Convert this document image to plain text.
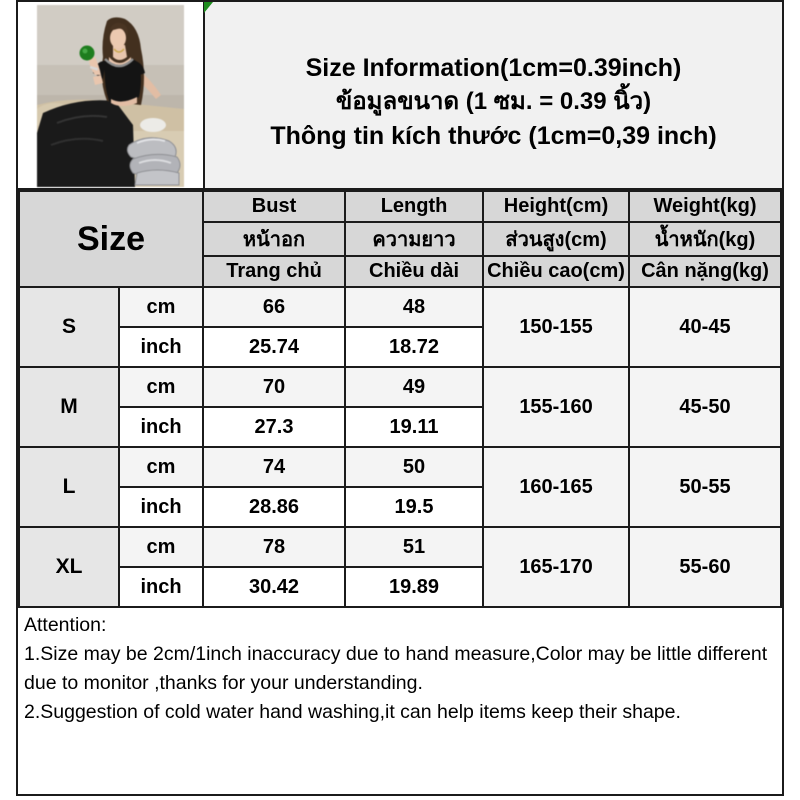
Size Information(1cm=0.39inch)
ข้อมูลขนาด (1 ซม. = 0.39 นิ้ว)
Thông tin kích thước (1cm=0,39 inch)
Size		Bust	Length	Height(cm)	Weight(kg)
		หน้าอก	ความยาว	ส่วนสูง(cm)	น้ำหนัก(kg)
		Trang chủ	Chiều dài	Chiều cao(cm)	Cân nặng(kg)
S	cm	66	48	150-155	40-45
	inch	25.74	18.72		
M	cm	70	49	155-160	45-50
	inch	27.3	19.11		
L	cm	74	50	160-165	50-55
	inch	28.86	19.5		
XL	cm	78	51	165-170	55-60
	inch	30.42	19.89		
Attention:
1.Size may be 2cm/1inch inaccuracy due to hand measure,Color may be little different due to monitor ,thanks for your understanding.
2.Suggestion of cold water hand washing,it can help items keep their shape.
